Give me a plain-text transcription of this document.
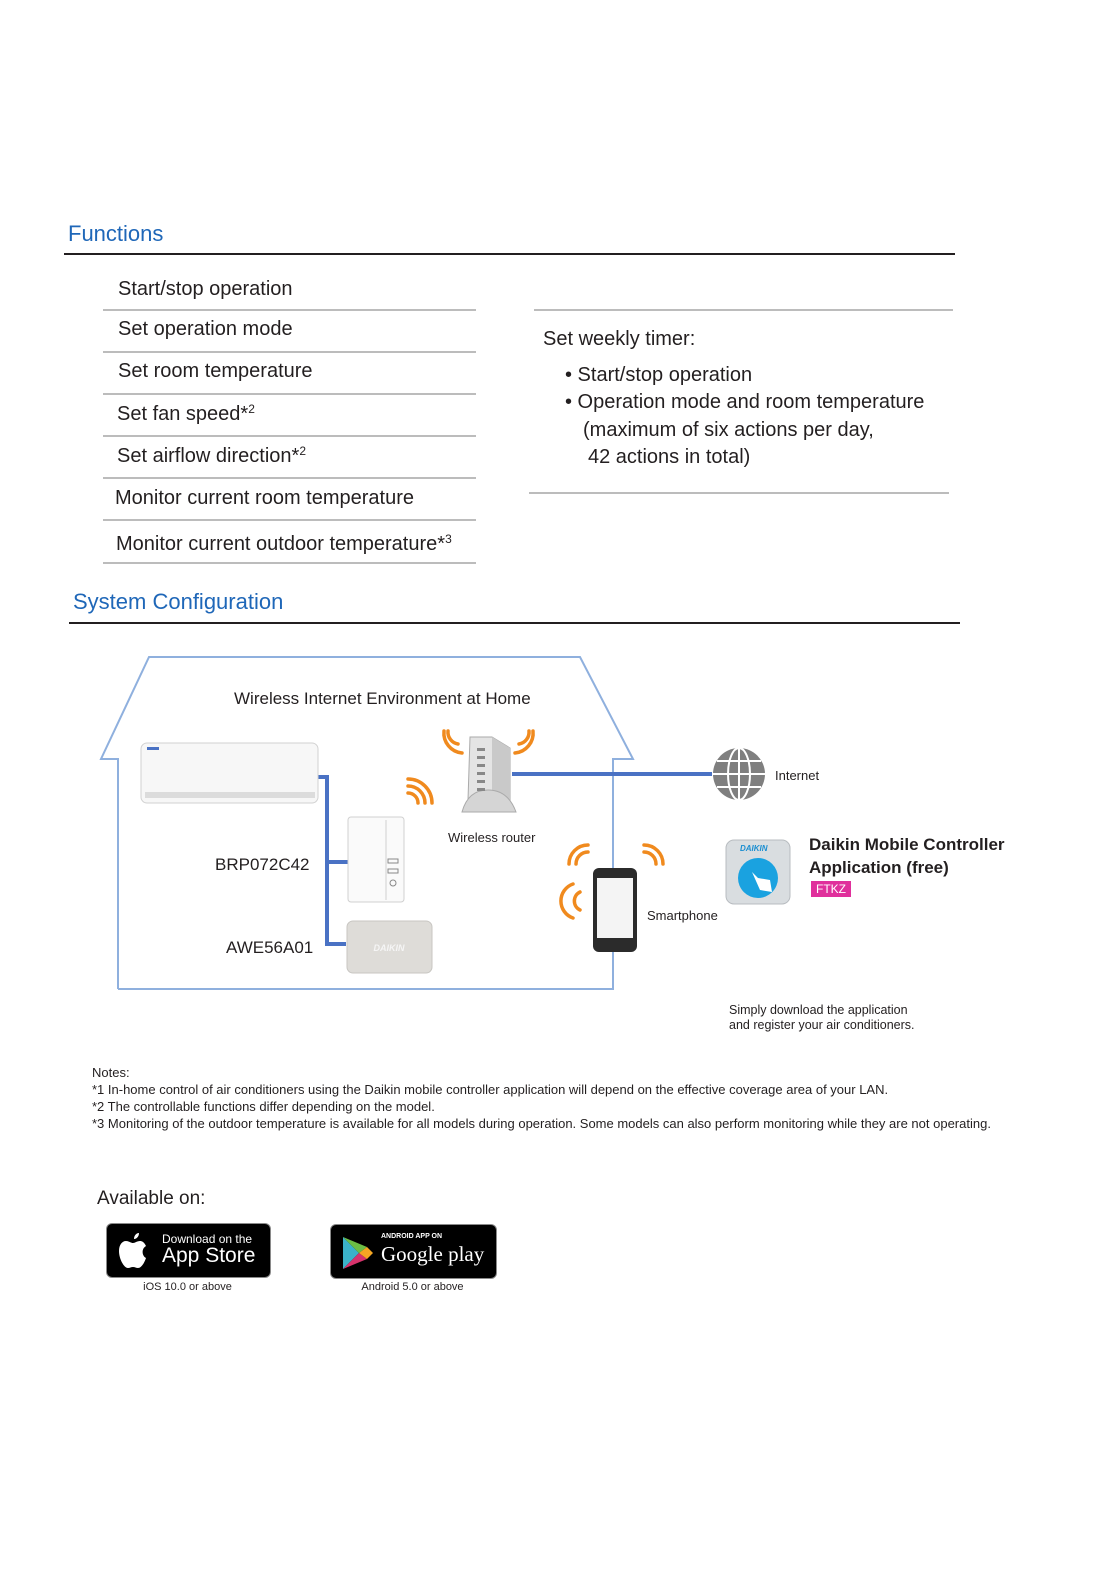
Functions
Start/stop operation
Set operation mode
Set room temperature
Set fan speed*$^2$
Set airflow direction*$^2$
Monitor current room temperature
Monitor current outdoor temperature*$^3$
Set weekly timer:
• Start/stop operation
• Operation mode and room temperature
(maximum of six actions per day,
42 actions in total)
System Configuration
DAIKIN
DAIKIN
Wireless Internet Environment at Home
Wireless router
Internet
BRP072C42
AWE56A01
Smartphone
Daikin Mobile Controller
Application (free)
FTKZ
Simply download the application
and register your air conditioners.
Notes:
*1 In-home control of air conditioners using the Daikin mobile controller application will depend on the effective coverage area of your LAN.
*2 The controllable functions differ depending on the model.
*3 Monitoring of the outdoor temperature is available for all models during operation. Some models can also perform monitoring while they are not operating.
Available on:
Download on the
App Store
iOS 10.0 or above
ANDROID APP ON
Google play
Android 5.0 or above
